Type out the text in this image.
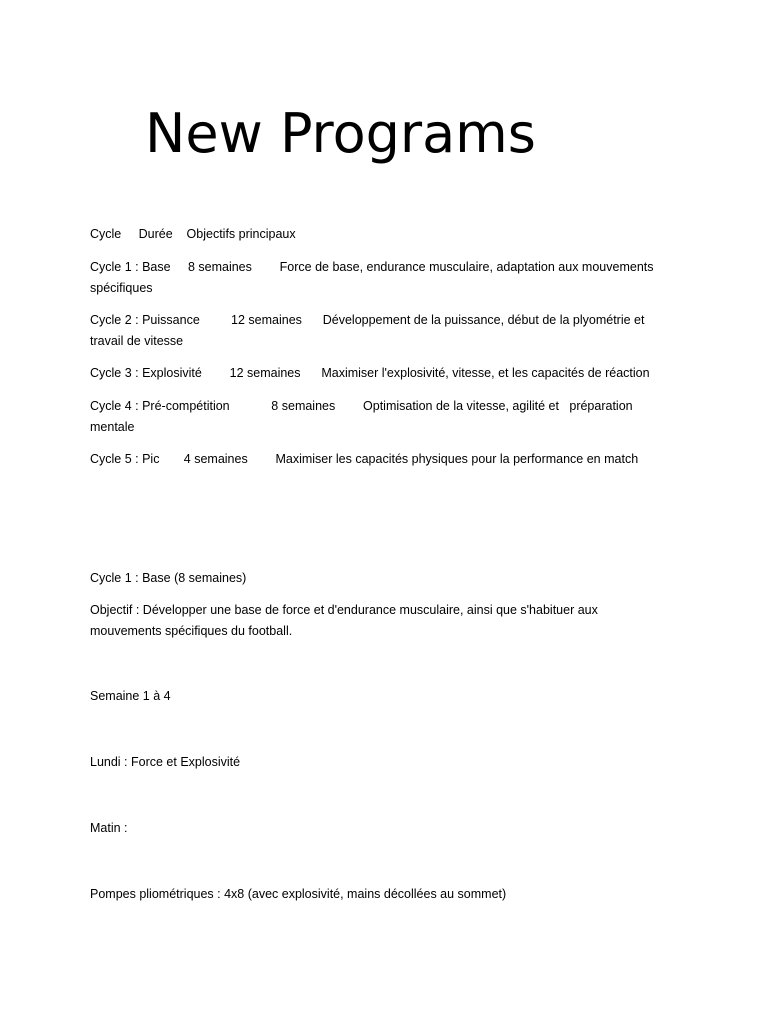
New Programs
Cycle     Durée    Objectifs principaux
Cycle 1 : Base     8 semaines        Force de base, endurance musculaire, adaptation aux mouvements spécifiques
Cycle 2 : Puissance         12 semaines      Développement de la puissance, début de la plyométrie et travail de vitesse
Cycle 3 : Explosivité        12 semaines      Maximiser l'explosivité, vitesse, et les capacités de réaction
Cycle 4 : Pré-compétition            8 semaines        Optimisation de la vitesse, agilité et   préparation mentale
Cycle 5 : Pic       4 semaines        Maximiser les capacités physiques pour la performance en match
Cycle 1 : Base (8 semaines)
Objectif : Développer une base de force et d'endurance musculaire, ainsi que s'habituer aux mouvements spécifiques du football.
Semaine 1 à 4
Lundi : Force et Explosivité
Matin :
Pompes pliométriques : 4x8 (avec explosivité, mains décollées au sommet)
